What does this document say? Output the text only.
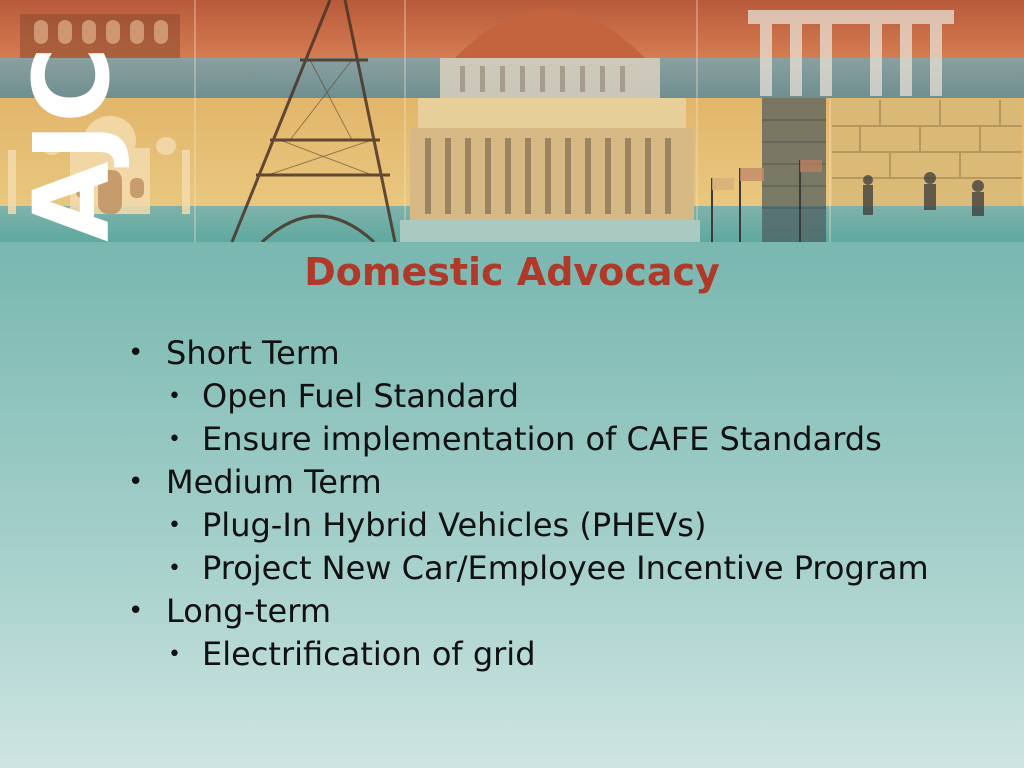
AJC
Domestic Advocacy
• Short Term
• Open Fuel Standard
• Ensure implementation of CAFE Standards
• Medium Term
• Plug-In Hybrid Vehicles (PHEVs)
• Project New Car/Employee Incentive Program
• Long-term
• Electrification of grid
